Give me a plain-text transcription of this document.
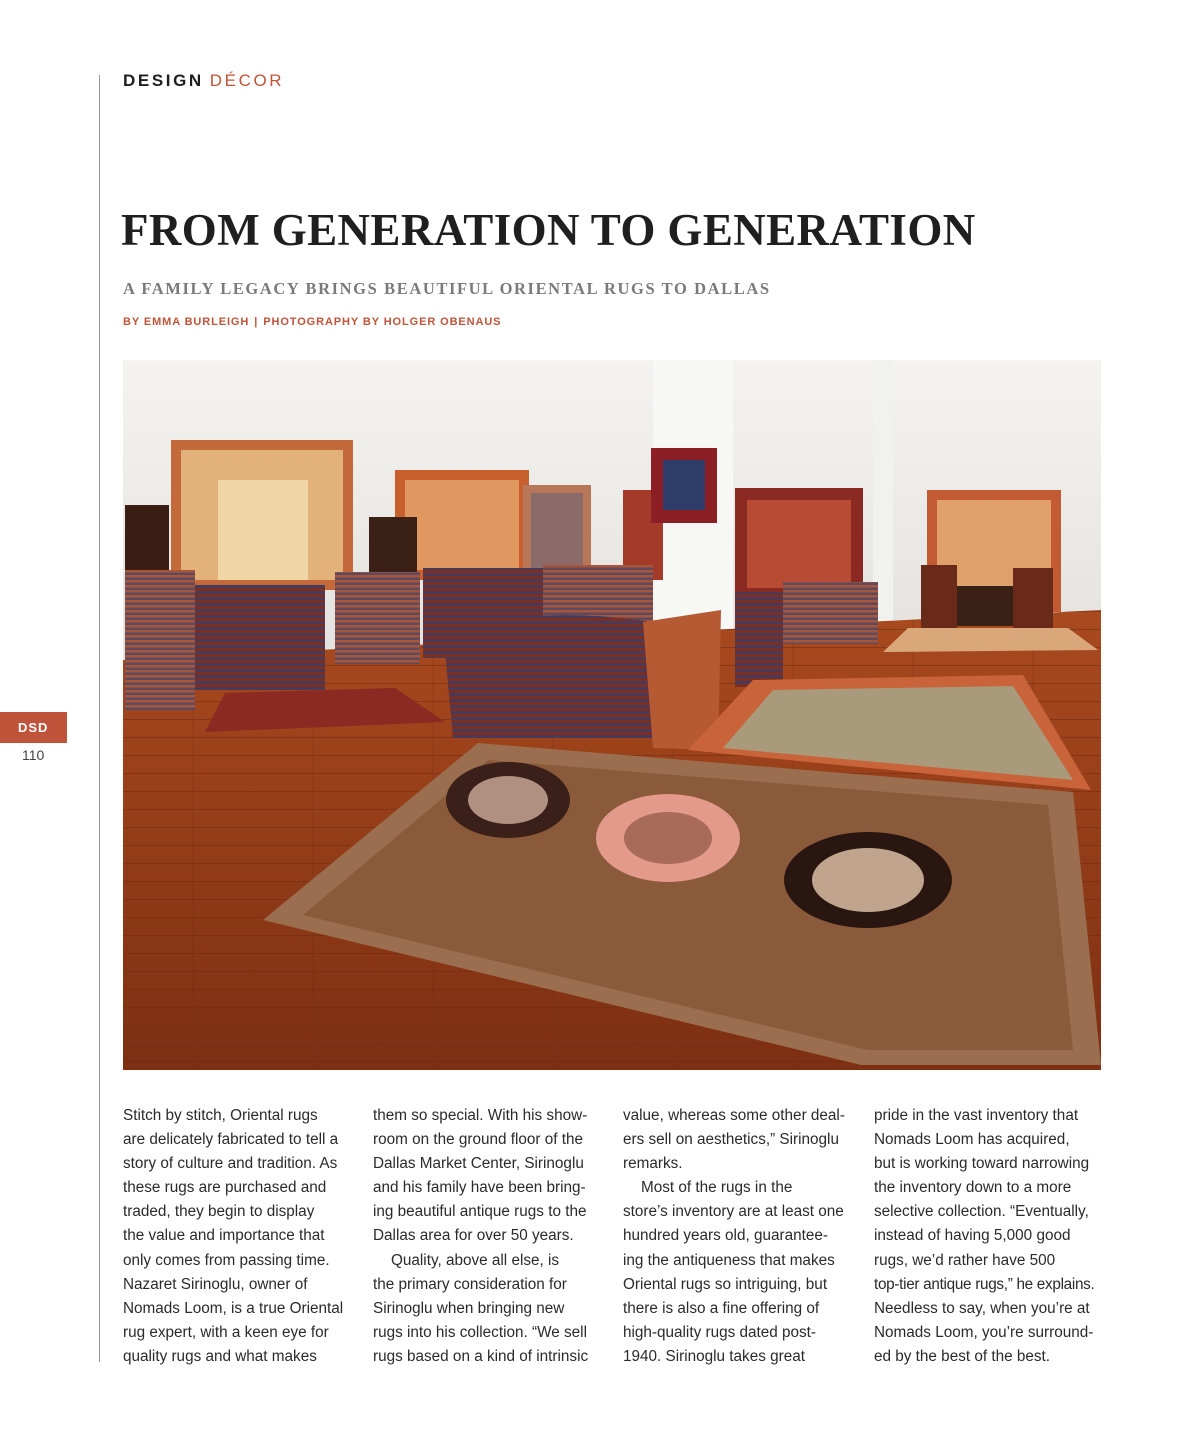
DESIGN DÉCOR
FROM GENERATION TO GENERATION
A FAMILY LEGACY BRINGS BEAUTIFUL ORIENTAL RUGS TO DALLAS
BY EMMA BURLEIGH | PHOTOGRAPHY BY HOLGER OBENAUS
DSD
110

Stitch by stitch, Oriental rugs
are delicately fabricated to tell a
story of culture and tradition. As
these rugs are purchased and
traded, they begin to display
the value and importance that
only comes from passing time.
Nazaret Sirinoglu, owner of
Nomads Loom, is a true Oriental
rug expert, with a keen eye for
quality rugs and what makes

them so special. With his show-
room on the ground floor of the
Dallas Market Center, Sirinoglu
and his family have been bring-
ing beautiful antique rugs to the
Dallas area for over 50 years.

Quality, above all else, is
the primary consideration for
Sirinoglu when bringing new
rugs into his collection. “We sell
rugs based on a kind of intrinsic

value, whereas some other deal-
ers sell on aesthetics,” Sirinoglu
remarks.

Most of the rugs in the
store’s inventory are at least one
hundred years old, guarantee-
ing the antiqueness that makes
Oriental rugs so intriguing, but
there is also a fine offering of
high-quality rugs dated post-
1940. Sirinoglu takes great

pride in the vast inventory that
Nomads Loom has acquired,
but is working toward narrowing
the inventory down to a more
selective collection. “Eventually,
instead of having 5,000 good
rugs, we’d rather have 500
top-tier antique rugs,” he explains.
Needless to say, when you’re at
Nomads Loom, you’re surround-
ed by the best of the best.
